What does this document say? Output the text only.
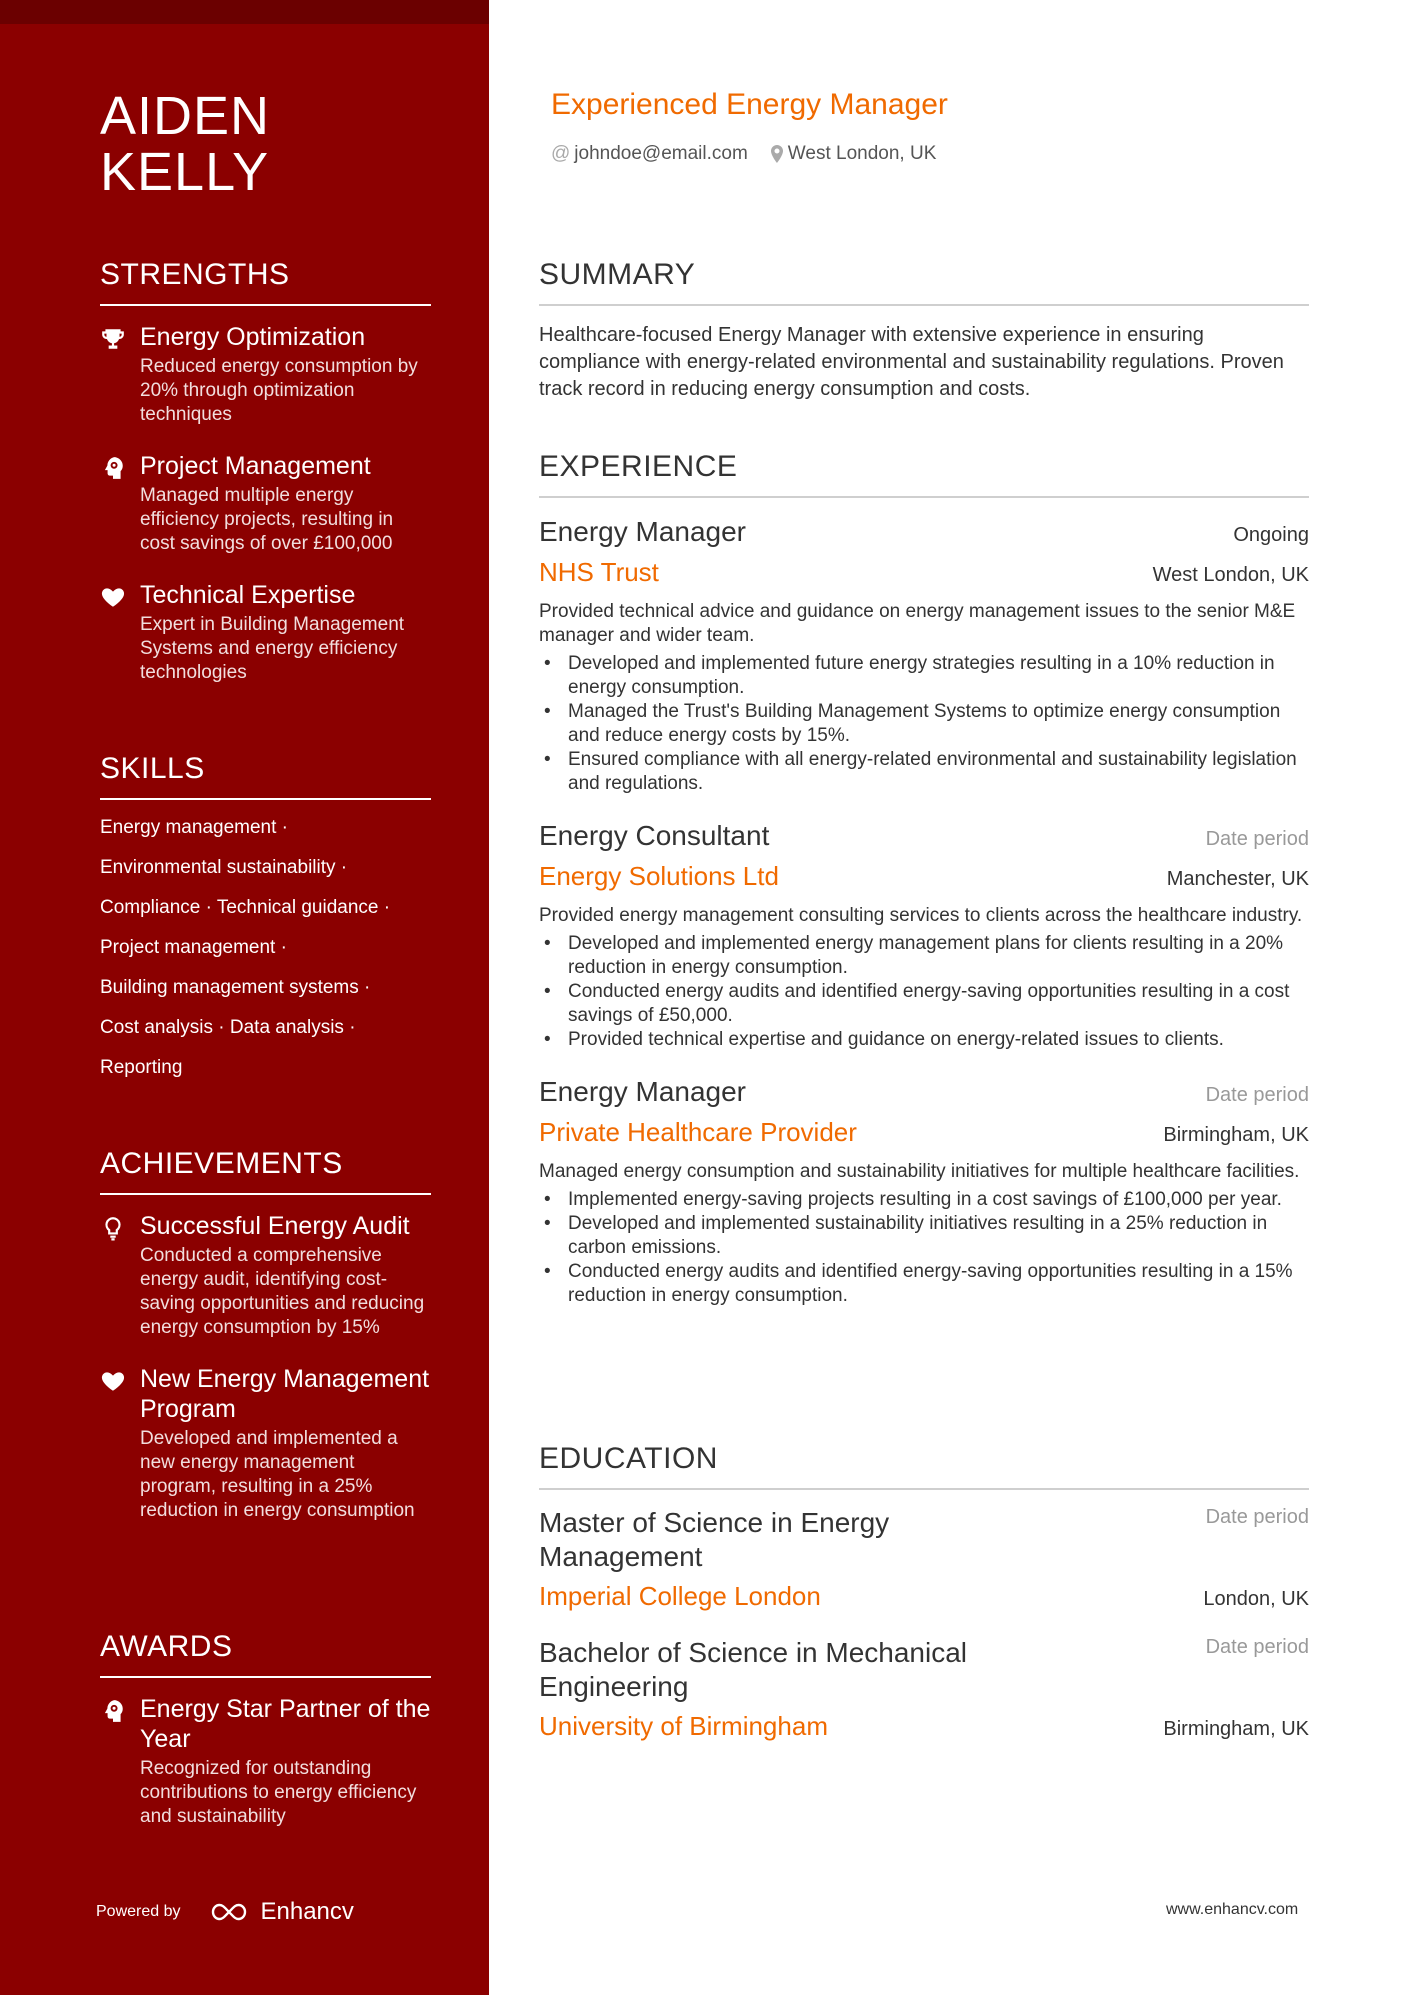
AIDEN
KELLY
STRENGTHS
Energy Optimization
Reduced energy consumption by 20% through optimization techniques
Project Management
Managed multiple energy efficiency projects, resulting in cost savings of over £100,000
Technical Expertise
Expert in Building Management Systems and energy efficiency technologies
SKILLS
Energy management ·
Environmental sustainability ·
Compliance · Technical guidance ·
Project management ·
Building management systems ·
Cost analysis · Data analysis ·
Reporting
ACHIEVEMENTS
Successful Energy Audit
Conducted a comprehensive energy audit, identifying cost-saving opportunities and reducing energy consumption by 15%
New Energy Management Program
Developed and implemented a new energy management program, resulting in a 25% reduction in energy consumption
AWARDS
Energy Star Partner of the Year
Recognized for outstanding contributions to energy efficiency and sustainability
Powered by	Enhancv
Experienced Energy Manager
@ johndoe@email.com West London, UK
SUMMARY
Healthcare-focused Energy Manager with extensive experience in ensuring compliance with energy-related environmental and sustainability regulations. Proven track record in reducing energy consumption and costs.
EXPERIENCE
Energy Manager	Ongoing
NHS Trust	West London, UK
Provided technical advice and guidance on energy management issues to the senior M&E manager and wider team.
• Developed and implemented future energy strategies resulting in a 10% reduction in energy consumption.
• Managed the Trust's Building Management Systems to optimize energy consumption and reduce energy costs by 15%.
• Ensured compliance with all energy-related environmental and sustainability legislation and regulations.
Energy Consultant	Date period
Energy Solutions Ltd	Manchester, UK
Provided energy management consulting services to clients across the healthcare industry.
• Developed and implemented energy management plans for clients resulting in a 20% reduction in energy consumption.
• Conducted energy audits and identified energy-saving opportunities resulting in a cost savings of £50,000.
• Provided technical expertise and guidance on energy-related issues to clients.
Energy Manager	Date period
Private Healthcare Provider	Birmingham, UK
Managed energy consumption and sustainability initiatives for multiple healthcare facilities.
• Implemented energy-saving projects resulting in a cost savings of £100,000 per year.
• Developed and implemented sustainability initiatives resulting in a 25% reduction in carbon emissions.
• Conducted energy audits and identified energy-saving opportunities resulting in a 15% reduction in energy consumption.
EDUCATION
Master of Science in Energy Management
Date period
Imperial College London	London, UK
Bachelor of Science in Mechanical Engineering
Date period
University of Birmingham	Birmingham, UK
www.enhancv.com
